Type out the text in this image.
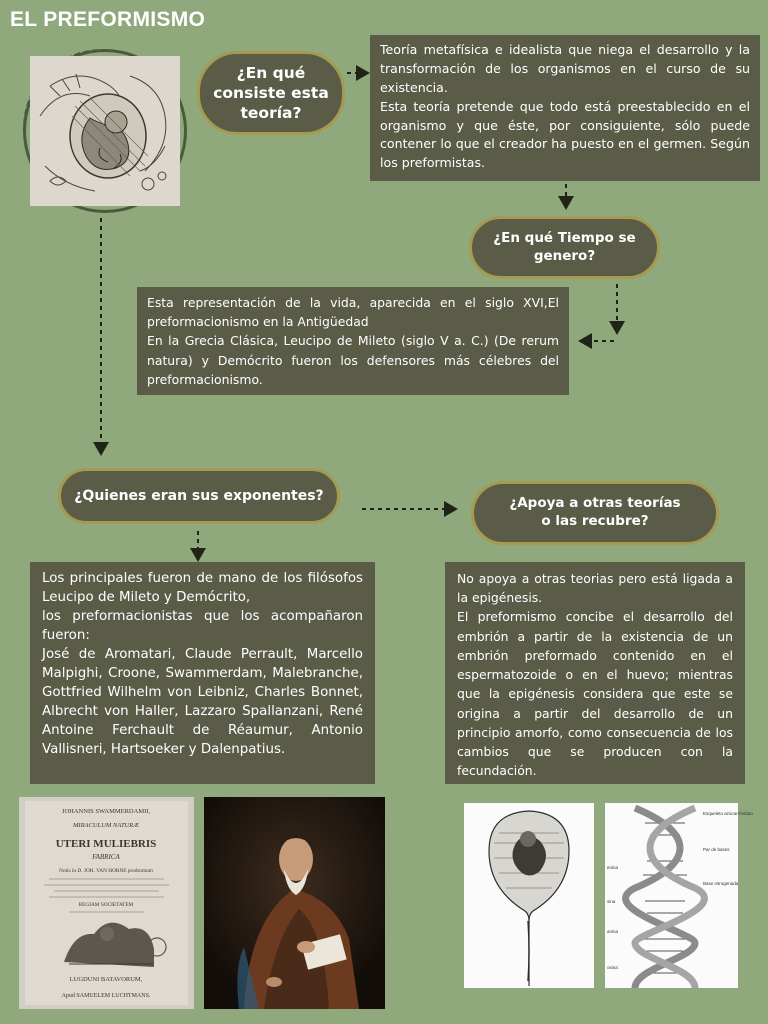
EL PREFORMISMO
¿En qué
consiste esta
teoría?

Teoría metafísica e idealista que niega el desarrollo y la transformación de los organismos en el curso de su existencia.

Esta teoría pretende que todo está preestablecido en el organismo y que éste, por consiguiente, sólo puede contener lo que el creador ha puesto en el germen. Según los preformistas.

¿En qué Tiempo se
genero?

Esta representación de la vida, aparecida en el siglo XVI,El preformacionismo en la Antigüedad

En la Grecia Clásica, Leucipo de Mileto (siglo V a. C.) (De rerum natura) y Demócrito fueron los defensores más célebres del preformacionismo.

¿Quienes eran sus exponentes?	¿Apoya a otras teorías
o las recubre?

Los principales fueron de mano de los filósofos Leucipo de Mileto y Demócrito,

los preformacionistas que los acompañaron fueron:

José de Aromatari, Claude Perrault, Marcello Malpighi, Croone, Swammerdam, Malebranche, Gottfried Wilhelm von Leibniz, Charles Bonnet, Albrecht von Haller, Lazzaro Spallanzani, René Antoine Ferchault de Réaumur, Antonio Vallisneri, Hartsoeker y Dalenpatius.

No apoya a otras teorias pero está ligada a la epigénesis.

El preformismo concibe el desarrollo del embrión a partir de la existencia de un embrión preformado contenido en el espermatozoide o en el huevo; mientras que la epigénesis considera que este se origina a partir del desarrollo de un principio amorfo, como consecuencia de los cambios que se producen con la fecundación.

JOHANNIS SWAMMERDAMII,
MIRACULUM NATURÆ
UTERI MULIEBRIS
FABRICA
Notis in D. JOH. VAN HORNE prodromum
REGIAM SOCIETATEM
LUGDUNI BATAVORUM,
Apud SAMUELEM LUCHTMANS.
Esqueleto azúcar-fosfato
Par de bases
Base nitrogenada
enina
sina
anina
osina
